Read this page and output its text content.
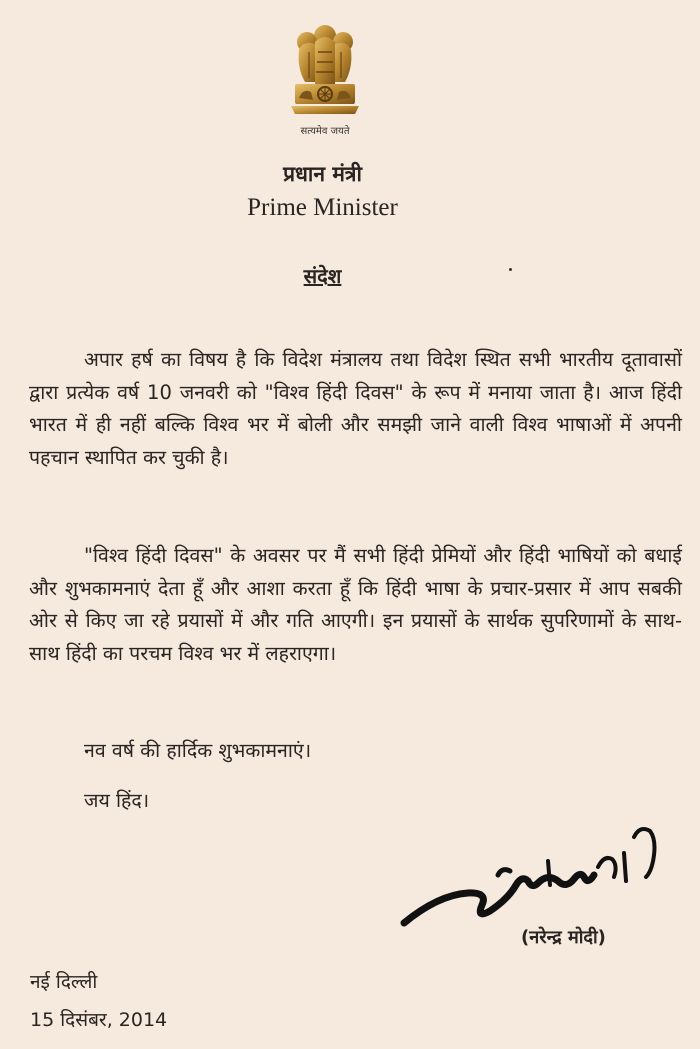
सत्यमेव जयते
प्रधान मंत्री
Prime Minister
संदेश

अपार हर्ष का विषय है कि विदेश मंत्रालय तथा विदेश स्थित सभी भारतीय दूतावासों द्वारा प्रत्येक वर्ष 10 जनवरी को "विश्व हिंदी दिवस" के रूप में मनाया जाता है। आज हिंदी भारत में ही नहीं बल्कि विश्व भर में बोली और समझी जाने वाली विश्व भाषाओं में अपनी पहचान स्थापित कर चुकी है।

"विश्व हिंदी दिवस" के अवसर पर मैं सभी हिंदी प्रेमियों और हिंदी भाषियों को बधाई और शुभकामनाएं देता हूँ और आशा करता हूँ कि हिंदी भाषा के प्रचार-प्रसार में आप सबकी ओर से किए जा रहे प्रयासों में और गति आएगी। इन प्रयासों के सार्थक सुपरिणामों के साथ-साथ हिंदी का परचम विश्व भर में लहराएगा।

नव वर्ष की हार्दिक शुभकामनाएं।

जय हिंद।

(नरेन्द्र मोदी)

नई दिल्ली

15 दिसंबर, 2014
